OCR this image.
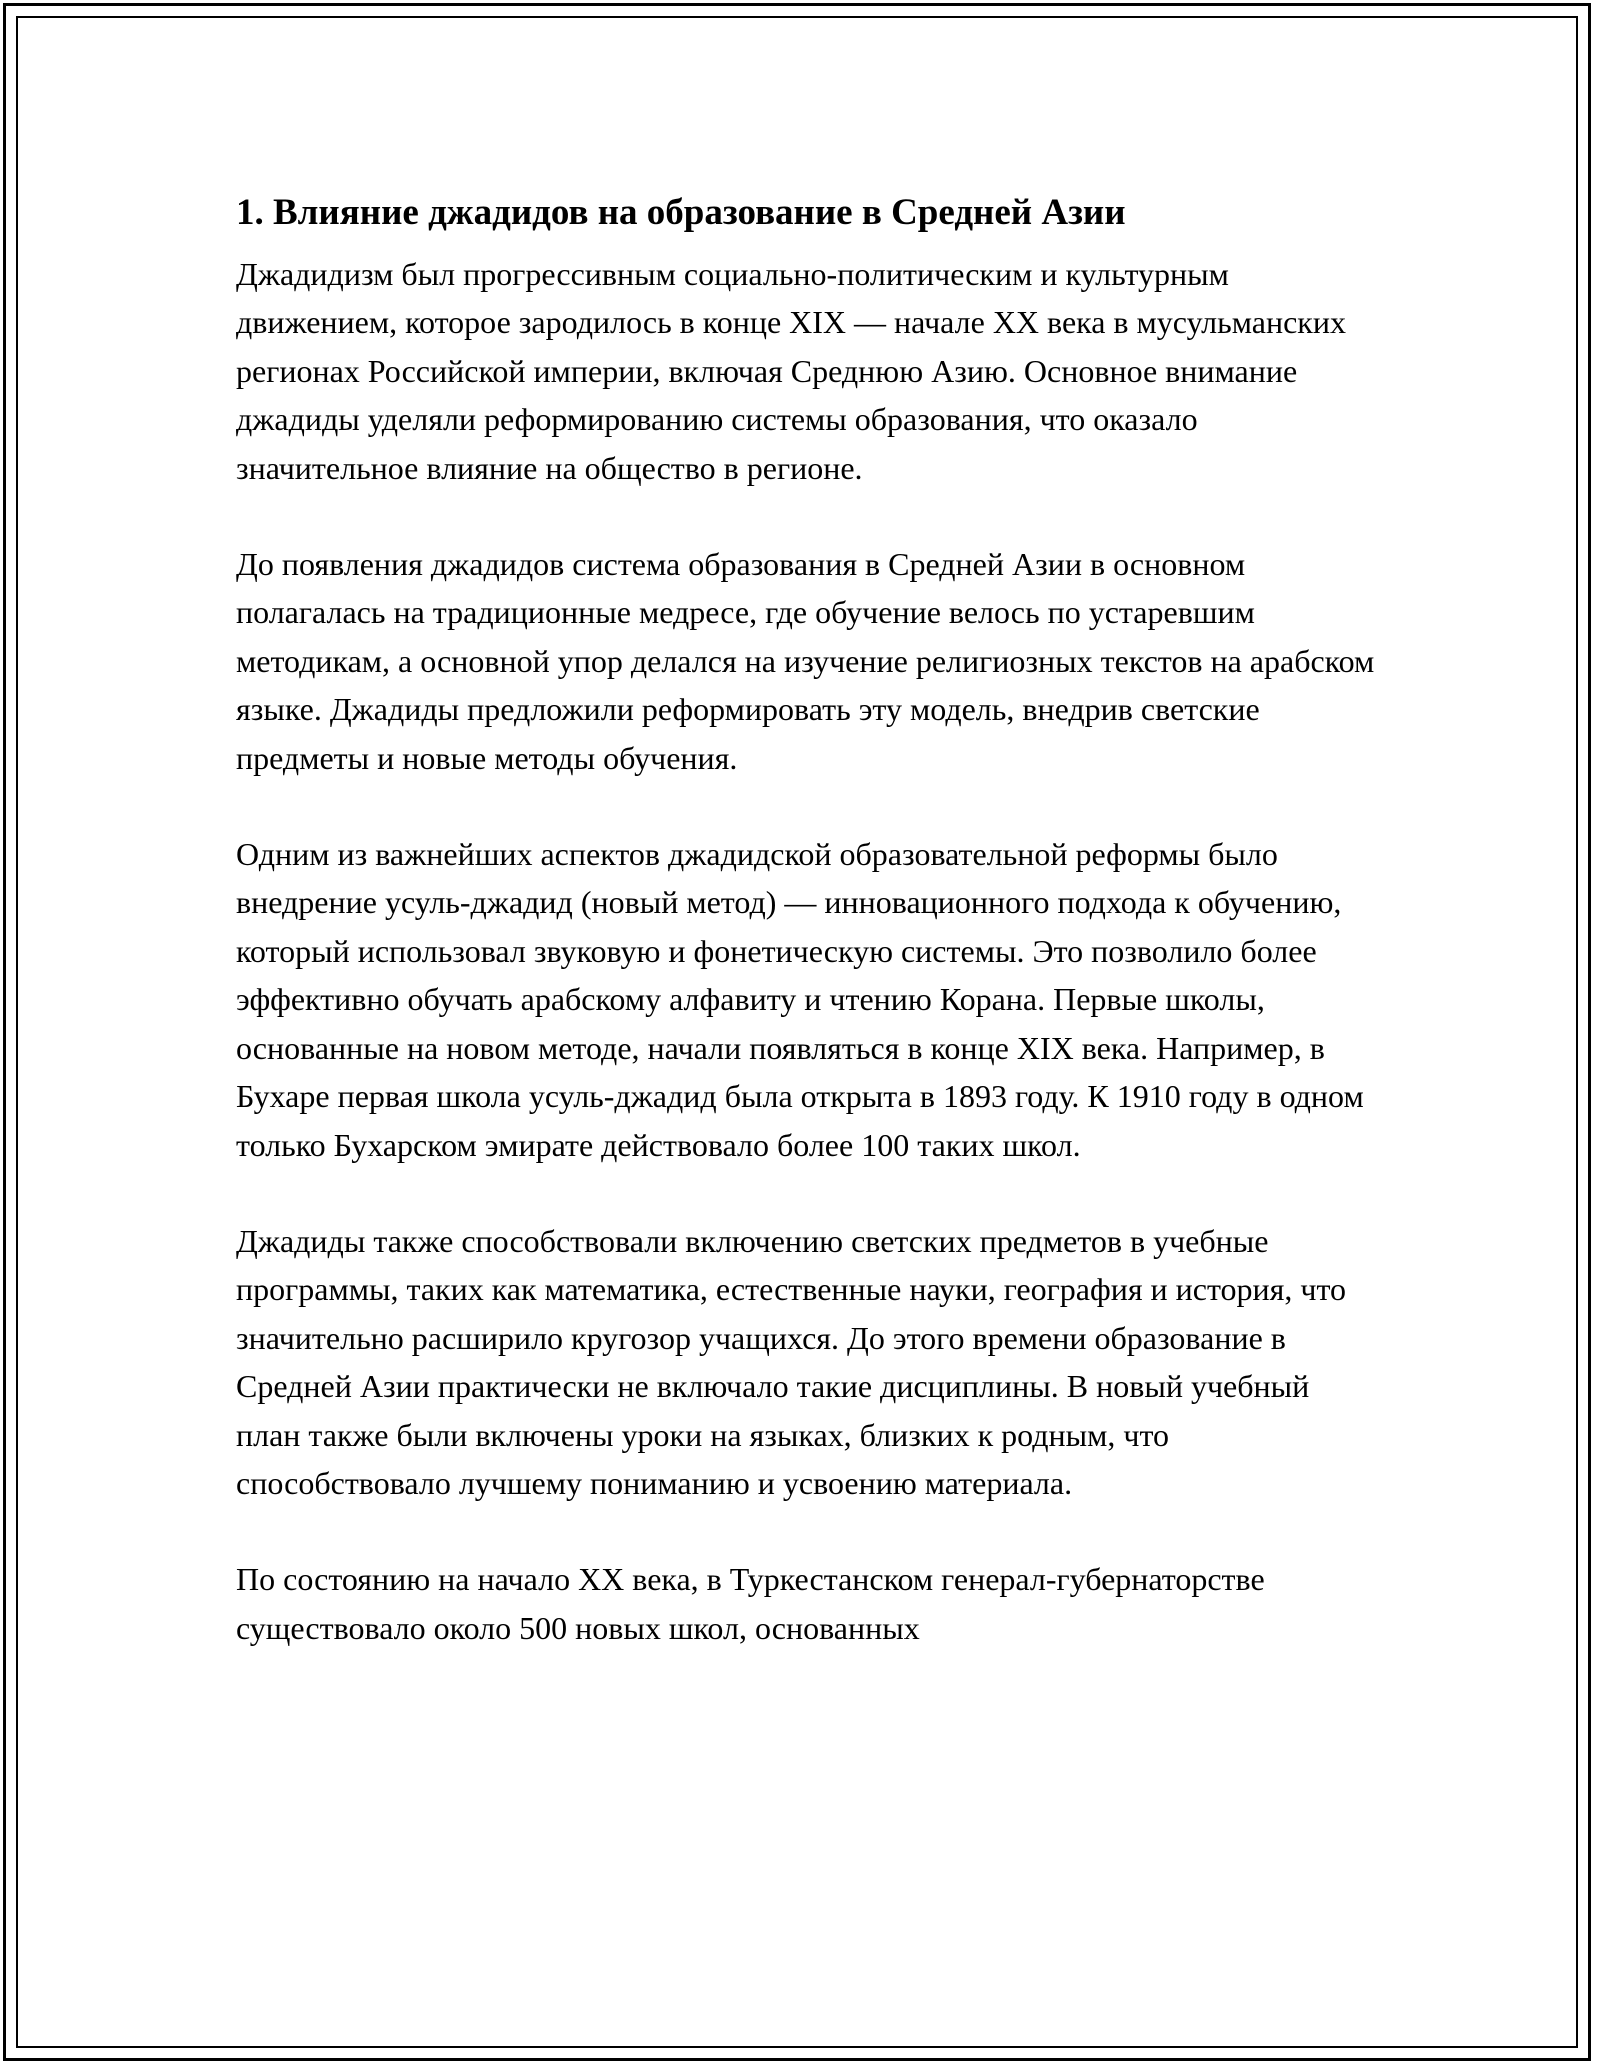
1. Влияние джадидов на образование в Средней Азии

Джадидизм был прогрессивным социально-политическим и культурным движением, которое зародилось в конце XIX — начале XX века в мусульманских регионах Российской империи, включая Среднюю Азию. Основное внимание джадиды уделяли реформированию системы образования, что оказало значительное влияние на общество в регионе.

До появления джадидов система образования в Средней Азии в основном полагалась на традиционные медресе, где обучение велось по устаревшим методикам, а основной упор делался на изучение религиозных текстов на арабском языке. Джадиды предложили реформировать эту модель, внедрив светские предметы и новые методы обучения.

Одним из важнейших аспектов джадидской образовательной реформы было внедрение усуль-джадид (новый метод) — инновационного подхода к обучению, который использовал звуковую и фонетическую системы. Это позволило более эффективно обучать арабскому алфавиту и чтению Корана. Первые школы, основанные на новом методе, начали появляться в конце XIX века. Например, в Бухаре первая школа усуль-джадид была открыта в 1893 году. К 1910 году в одном только Бухарском эмирате действовало более 100 таких школ.

Джадиды также способствовали включению светских предметов в учебные программы, таких как математика, естественные науки, география и история, что значительно расширило кругозор учащихся. До этого времени образование в Средней Азии практически не включало такие дисциплины. В новый учебный план также были включены уроки на языках, близких к родным, что способствовало лучшему пониманию и усвоению материала.

По состоянию на начало XX века, в Туркестанском генерал-губернаторстве существовало около 500 новых школ, основанных
